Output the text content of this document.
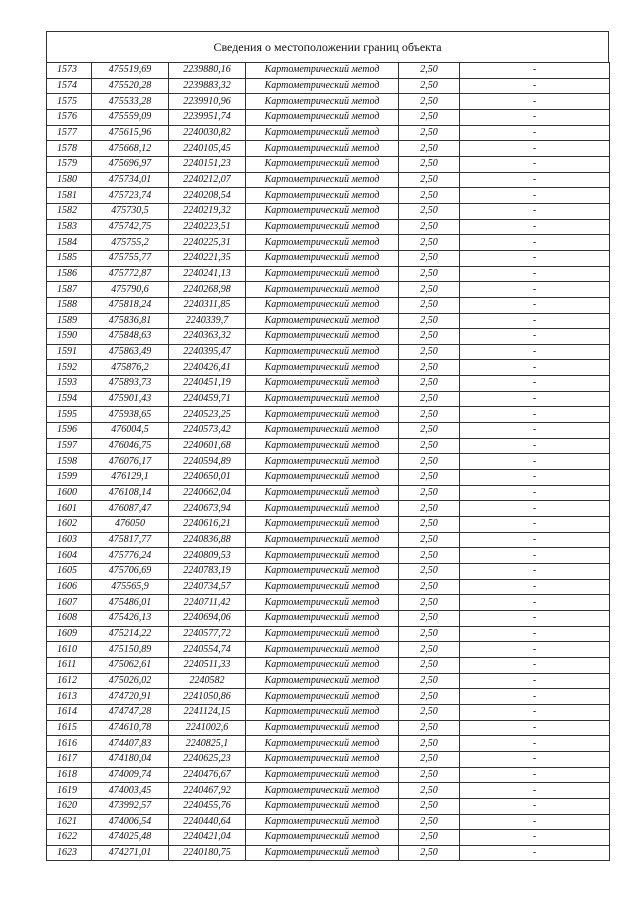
Сведения о местоположении границ объекта
1573	475519,69	2239880,16	Картометрический метод	2,50	-
1574	475520,28	2239883,32	Картометрический метод	2,50	-
1575	475533,28	2239910,96	Картометрический метод	2,50	-
1576	475559,09	2239951,74	Картометрический метод	2,50	-
1577	475615,96	2240030,82	Картометрический метод	2,50	-
1578	475668,12	2240105,45	Картометрический метод	2,50	-
1579	475696,97	2240151,23	Картометрический метод	2,50	-
1580	475734,01	2240212,07	Картометрический метод	2,50	-
1581	475723,74	2240208,54	Картометрический метод	2,50	-
1582	475730,5	2240219,32	Картометрический метод	2,50	-
1583	475742,75	2240223,51	Картометрический метод	2,50	-
1584	475755,2	2240225,31	Картометрический метод	2,50	-
1585	475755,77	2240221,35	Картометрический метод	2,50	-
1586	475772,87	2240241,13	Картометрический метод	2,50	-
1587	475790,6	2240268,98	Картометрический метод	2,50	-
1588	475818,24	2240311,85	Картометрический метод	2,50	-
1589	475836,81	2240339,7	Картометрический метод	2,50	-
1590	475848,63	2240363,32	Картометрический метод	2,50	-
1591	475863,49	2240395,47	Картометрический метод	2,50	-
1592	475876,2	2240426,41	Картометрический метод	2,50	-
1593	475893,73	2240451,19	Картометрический метод	2,50	-
1594	475901,43	2240459,71	Картометрический метод	2,50	-
1595	475938,65	2240523,25	Картометрический метод	2,50	-
1596	476004,5	2240573,42	Картометрический метод	2,50	-
1597	476046,75	2240601,68	Картометрический метод	2,50	-
1598	476076,17	2240594,89	Картометрический метод	2,50	-
1599	476129,1	2240650,01	Картометрический метод	2,50	-
1600	476108,14	2240662,04	Картометрический метод	2,50	-
1601	476087,47	2240673,94	Картометрический метод	2,50	-
1602	476050	2240616,21	Картометрический метод	2,50	-
1603	475817,77	2240836,88	Картометрический метод	2,50	-
1604	475776,24	2240809,53	Картометрический метод	2,50	-
1605	475706,69	2240783,19	Картометрический метод	2,50	-
1606	475565,9	2240734,57	Картометрический метод	2,50	-
1607	475486,01	2240711,42	Картометрический метод	2,50	-
1608	475426,13	2240694,06	Картометрический метод	2,50	-
1609	475214,22	2240577,72	Картометрический метод	2,50	-
1610	475150,89	2240554,74	Картометрический метод	2,50	-
1611	475062,61	2240511,33	Картометрический метод	2,50	-
1612	475026,02	2240582	Картометрический метод	2,50	-
1613	474720,91	2241050,86	Картометрический метод	2,50	-
1614	474747,28	2241124,15	Картометрический метод	2,50	-
1615	474610,78	2241002,6	Картометрический метод	2,50	-
1616	474407,83	2240825,1	Картометрический метод	2,50	-
1617	474180,04	2240625,23	Картометрический метод	2,50	-
1618	474009,74	2240476,67	Картометрический метод	2,50	-
1619	474003,45	2240467,92	Картометрический метод	2,50	-
1620	473992,57	2240455,76	Картометрический метод	2,50	-
1621	474006,54	2240440,64	Картометрический метод	2,50	-
1622	474025,48	2240421,04	Картометрический метод	2,50	-
1623	474271,01	2240180,75	Картометрический метод	2,50	-
